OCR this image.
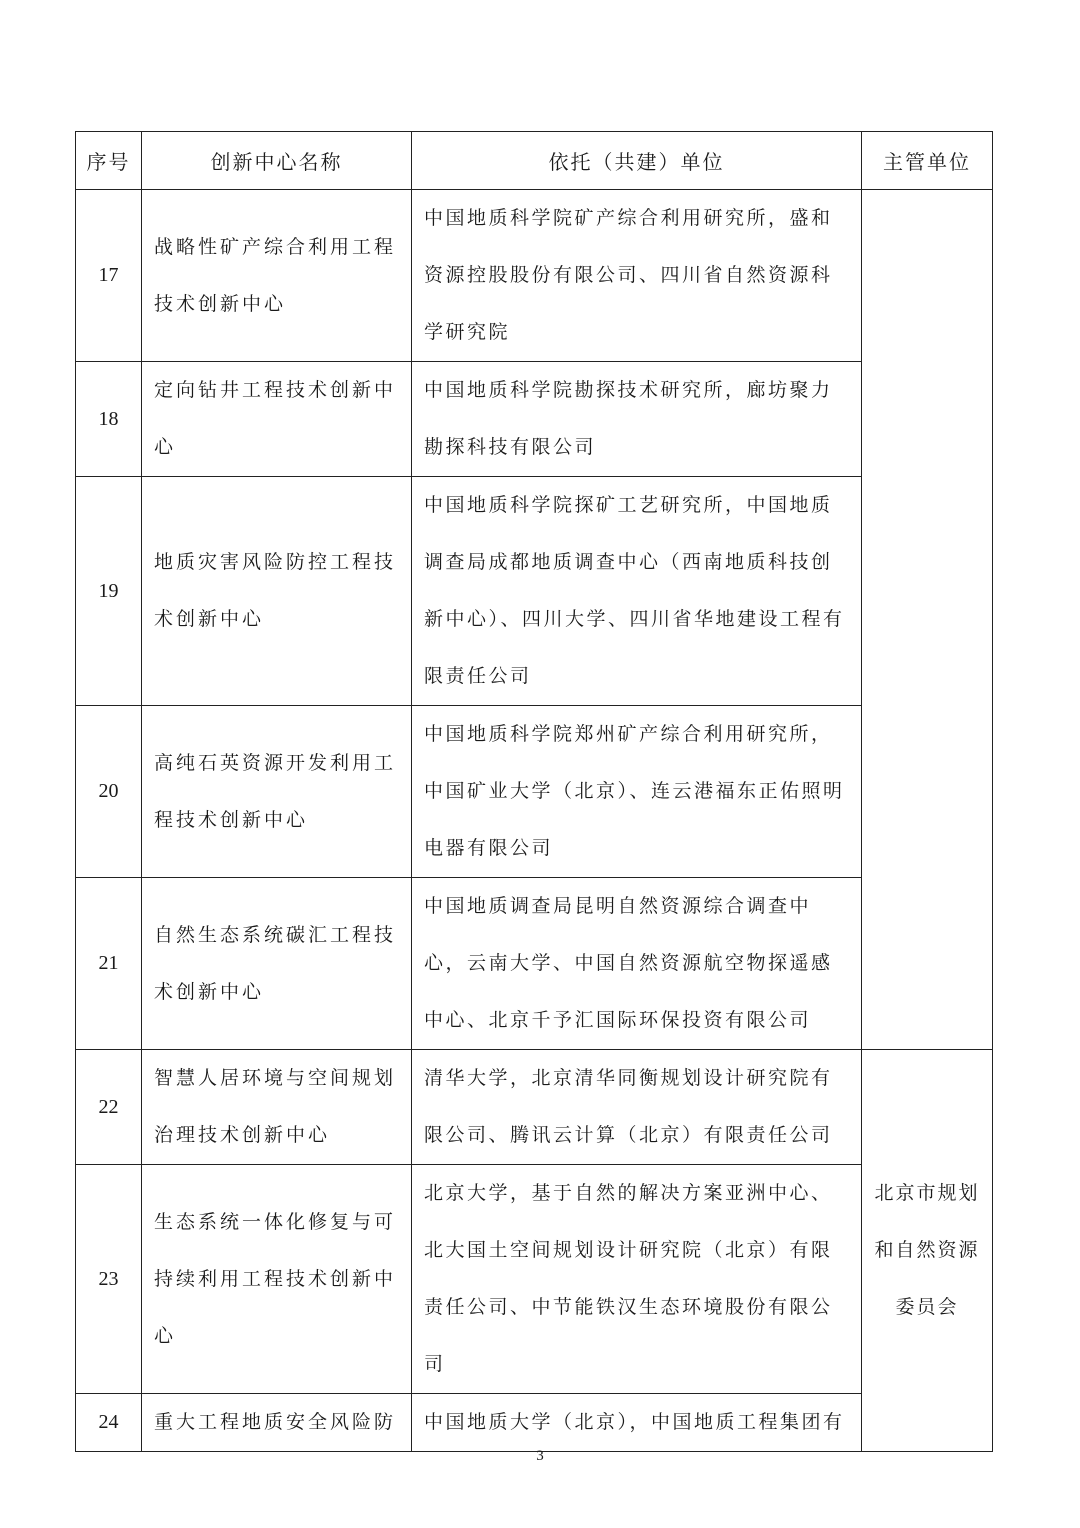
序号	创新中心名称	依托（共建）单位	主管单位
17	战略性矿产综合利用工程技术创新中心	中国地质科学院矿产综合利用研究所，盛和资源控股股份有限公司、四川省自然资源科学研究院	
18	定向钻井工程技术创新中心	中国地质科学院勘探技术研究所，廊坊聚力勘探科技有限公司	
19	地质灾害风险防控工程技术创新中心	中国地质科学院探矿工艺研究所，中国地质调查局成都地质调查中心（西南地质科技创新中心）、四川大学、四川省华地建设工程有限责任公司	
20	高纯石英资源开发利用工程技术创新中心	中国地质科学院郑州矿产综合利用研究所，中国矿业大学（北京）、连云港福东正佑照明电器有限公司	
21	自然生态系统碳汇工程技术创新中心	中国地质调查局昆明自然资源综合调查中心，云南大学、中国自然资源航空物探遥感中心、北京千予汇国际环保投资有限公司	
22	智慧人居环境与空间规划治理技术创新中心	清华大学，北京清华同衡规划设计研究院有限公司、腾讯云计算（北京）有限责任公司	北京市规划和自然资源委员会
23	生态系统一体化修复与可持续利用工程技术创新中心	北京大学，基于自然的解决方案亚洲中心、北大国土空间规划设计研究院（北京）有限责任公司、中节能铁汉生态环境股份有限公司	
24	重大工程地质安全风险防	中国地质大学（北京），中国地质工程集团有	
3
